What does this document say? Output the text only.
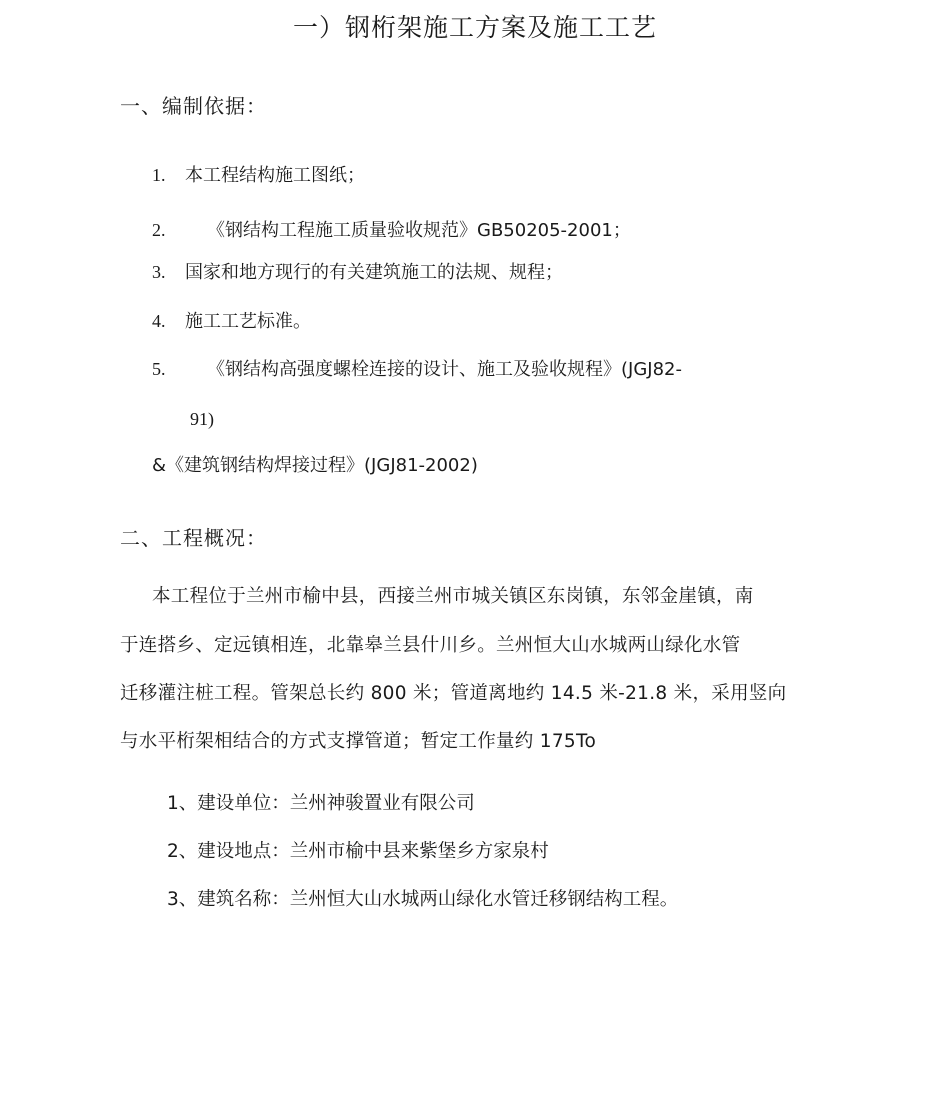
一）钢桁架施工方案及施工工艺
一、编制依据：
1. 本工程结构施工图纸；
2. 《钢结构工程施工质量验收规范》GB50205-2001；
3. 国家和地方现行的有关建筑施工的法规、规程；
4. 施工工艺标准。
5. 《钢结构高强度螺栓连接的设计、施工及验收规程》(JGJ82-
91)
&《建筑钢结构焊接过程》(JGJ81-2002)
二、工程概况：
本工程位于兰州市榆中县，西接兰州市城关镇区东岗镇，东邻金崖镇，南
于连搭乡、定远镇相连，北靠皋兰县什川乡。兰州恒大山水城两山绿化水管
迁移灌注桩工程。管架总长约 800 米；管道离地约 14.5 米-21.8 米，采用竖向
与水平桁架相结合的方式支撑管道；暂定工作量约 175To
1、建设单位：兰州神骏置业有限公司
2、建设地点：兰州市榆中县来紫堡乡方家泉村
3、建筑名称：兰州恒大山水城两山绿化水管迁移钢结构工程。
